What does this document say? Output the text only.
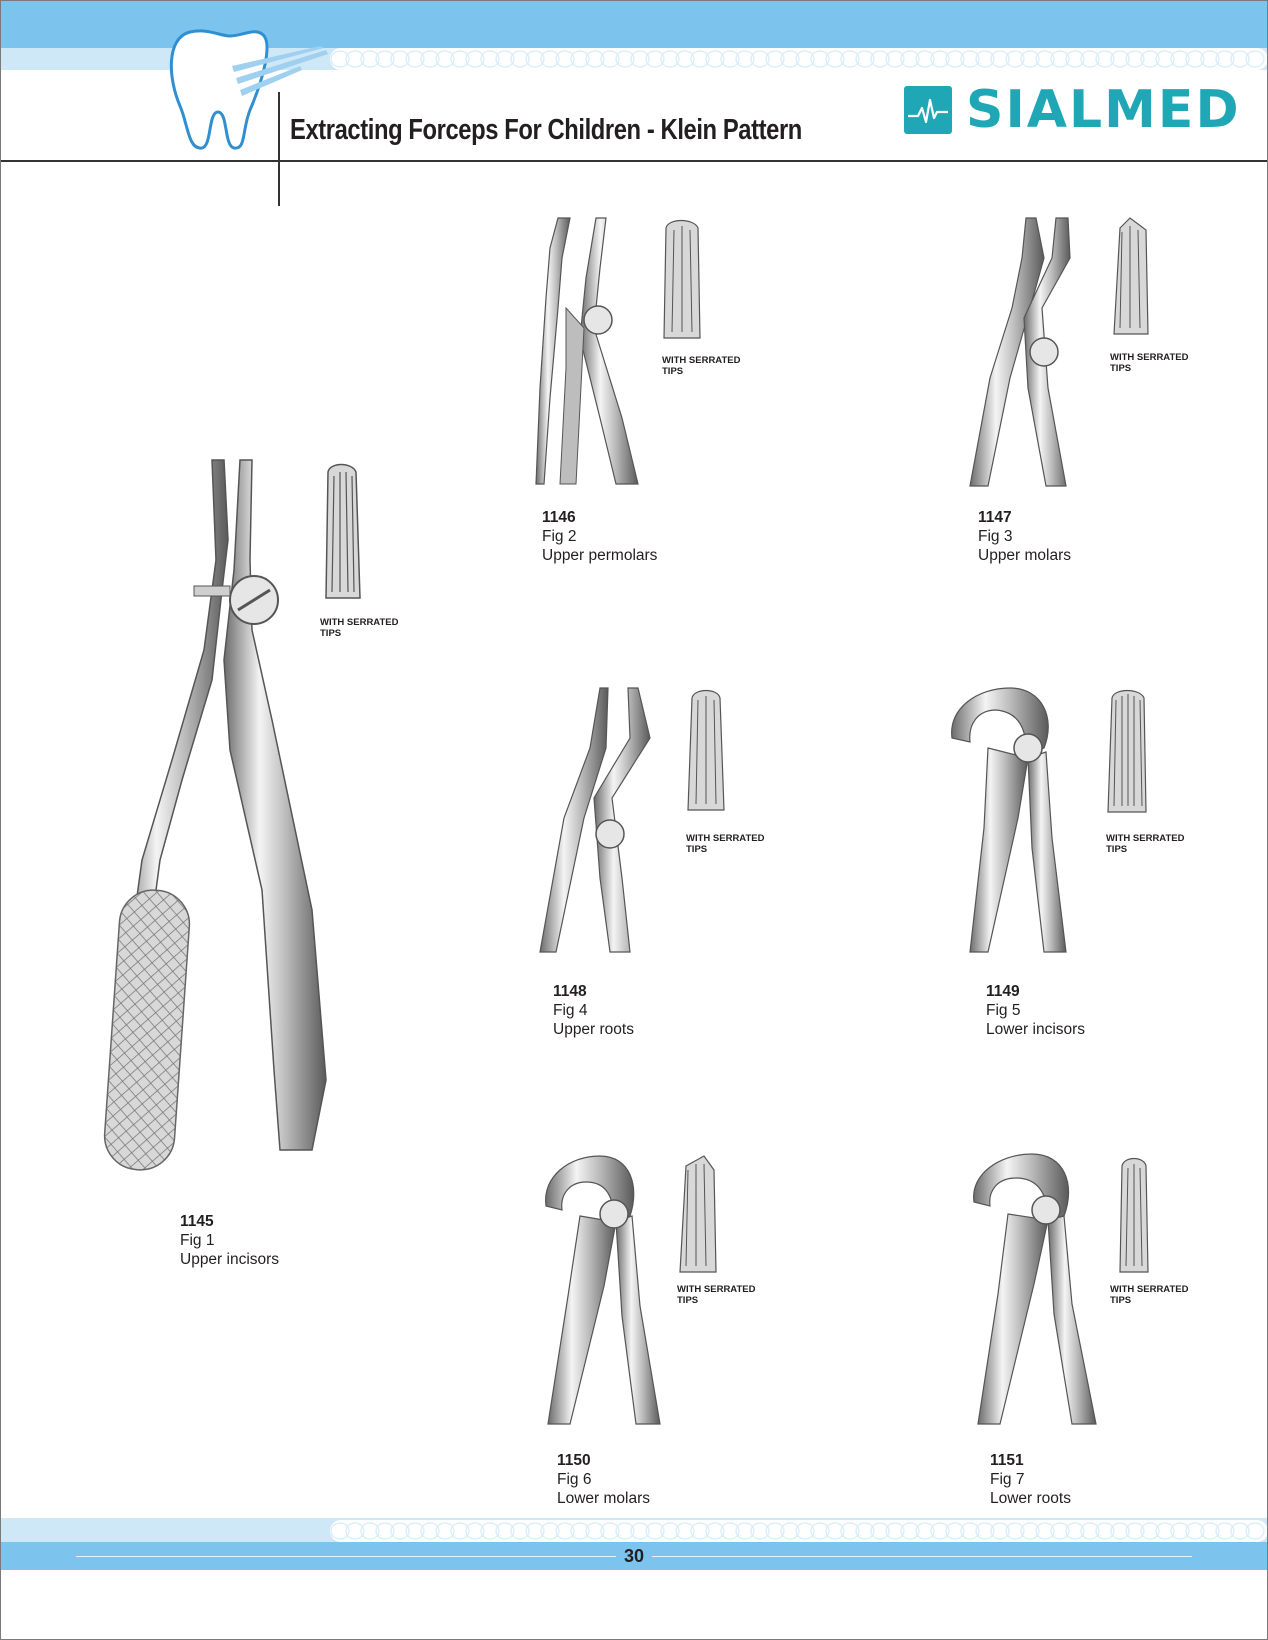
Extracting Forceps For Children - Klein Pattern	SIALMED
WITH SERRATED
TIPS
1145
Fig 1
Upper incisors
WITH SERRATED
TIPS
1146
Fig 2
Upper permolars
WITH SERRATED
TIPS
1147
Fig 3
Upper molars
WITH SERRATED
TIPS
1148
Fig 4
Upper roots
WITH SERRATED
TIPS
1149
Fig 5
Lower incisors
WITH SERRATED
TIPS
1150
Fig 6
Lower molars
WITH SERRATED
TIPS
1151
Fig 7
Lower roots
30
